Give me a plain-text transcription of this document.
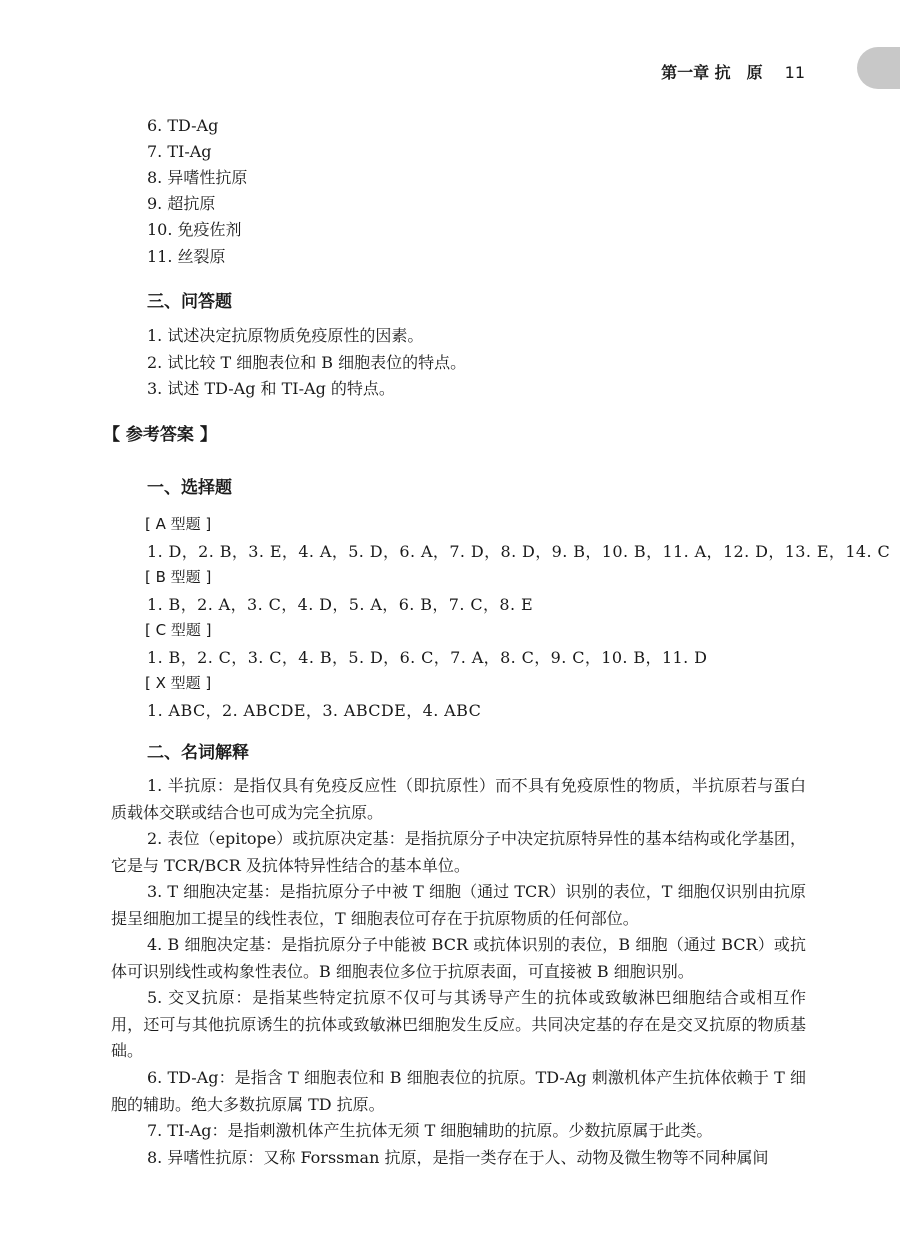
第一章 抗　原 11
6. TD-Ag
7. TI-Ag
8. 异嗜性抗原
9. 超抗原
10. 免疫佐剂
11. 丝裂原
三、问答题
1. 试述决定抗原物质免疫原性的因素。
2. 试比较 T 细胞表位和 B 细胞表位的特点。
3. 试述 TD-Ag 和 TI-Ag 的特点。
【 参考答案 】
一、选择题
[ A 型题 ]
1. D，2. B，3. E，4. A，5. D，6. A，7. D，8. D，9. B，10. B，11. A，12. D，13. E，14. C
[ B 型题 ]
1. B，2. A，3. C，4. D，5. A，6. B，7. C，8. E
[ C 型题 ]
1. B，2. C，3. C，4. B，5. D，6. C，7. A，8. C，9. C，10. B，11. D
[ X 型题 ]
1. ABC，2. ABCDE，3. ABCDE，4. ABC
二、名词解释
1. 半抗原：是指仅具有免疫反应性（即抗原性）而不具有免疫原性的物质，半抗原若与蛋白质载体交联或结合也可成为完全抗原。
2. 表位（epitope）或抗原决定基：是指抗原分子中决定抗原特异性的基本结构或化学基团，它是与 TCR/BCR 及抗体特异性结合的基本单位。
3. T 细胞决定基：是指抗原分子中被 T 细胞（通过 TCR）识别的表位，T 细胞仅识别由抗原提呈细胞加工提呈的线性表位，T 细胞表位可存在于抗原物质的任何部位。
4. B 细胞决定基：是指抗原分子中能被 BCR 或抗体识别的表位，B 细胞（通过 BCR）或抗体可识别线性或构象性表位。B 细胞表位多位于抗原表面，可直接被 B 细胞识别。
5. 交叉抗原：是指某些特定抗原不仅可与其诱导产生的抗体或致敏淋巴细胞结合或相互作用，还可与其他抗原诱生的抗体或致敏淋巴细胞发生反应。共同决定基的存在是交叉抗原的物质基础。
6. TD-Ag：是指含 T 细胞表位和 B 细胞表位的抗原。TD-Ag 刺激机体产生抗体依赖于 T 细胞的辅助。绝大多数抗原属 TD 抗原。
7. TI-Ag：是指刺激机体产生抗体无须 T 细胞辅助的抗原。少数抗原属于此类。
8. 异嗜性抗原：又称 Forssman 抗原，是指一类存在于人、动物及微生物等不同种属间
